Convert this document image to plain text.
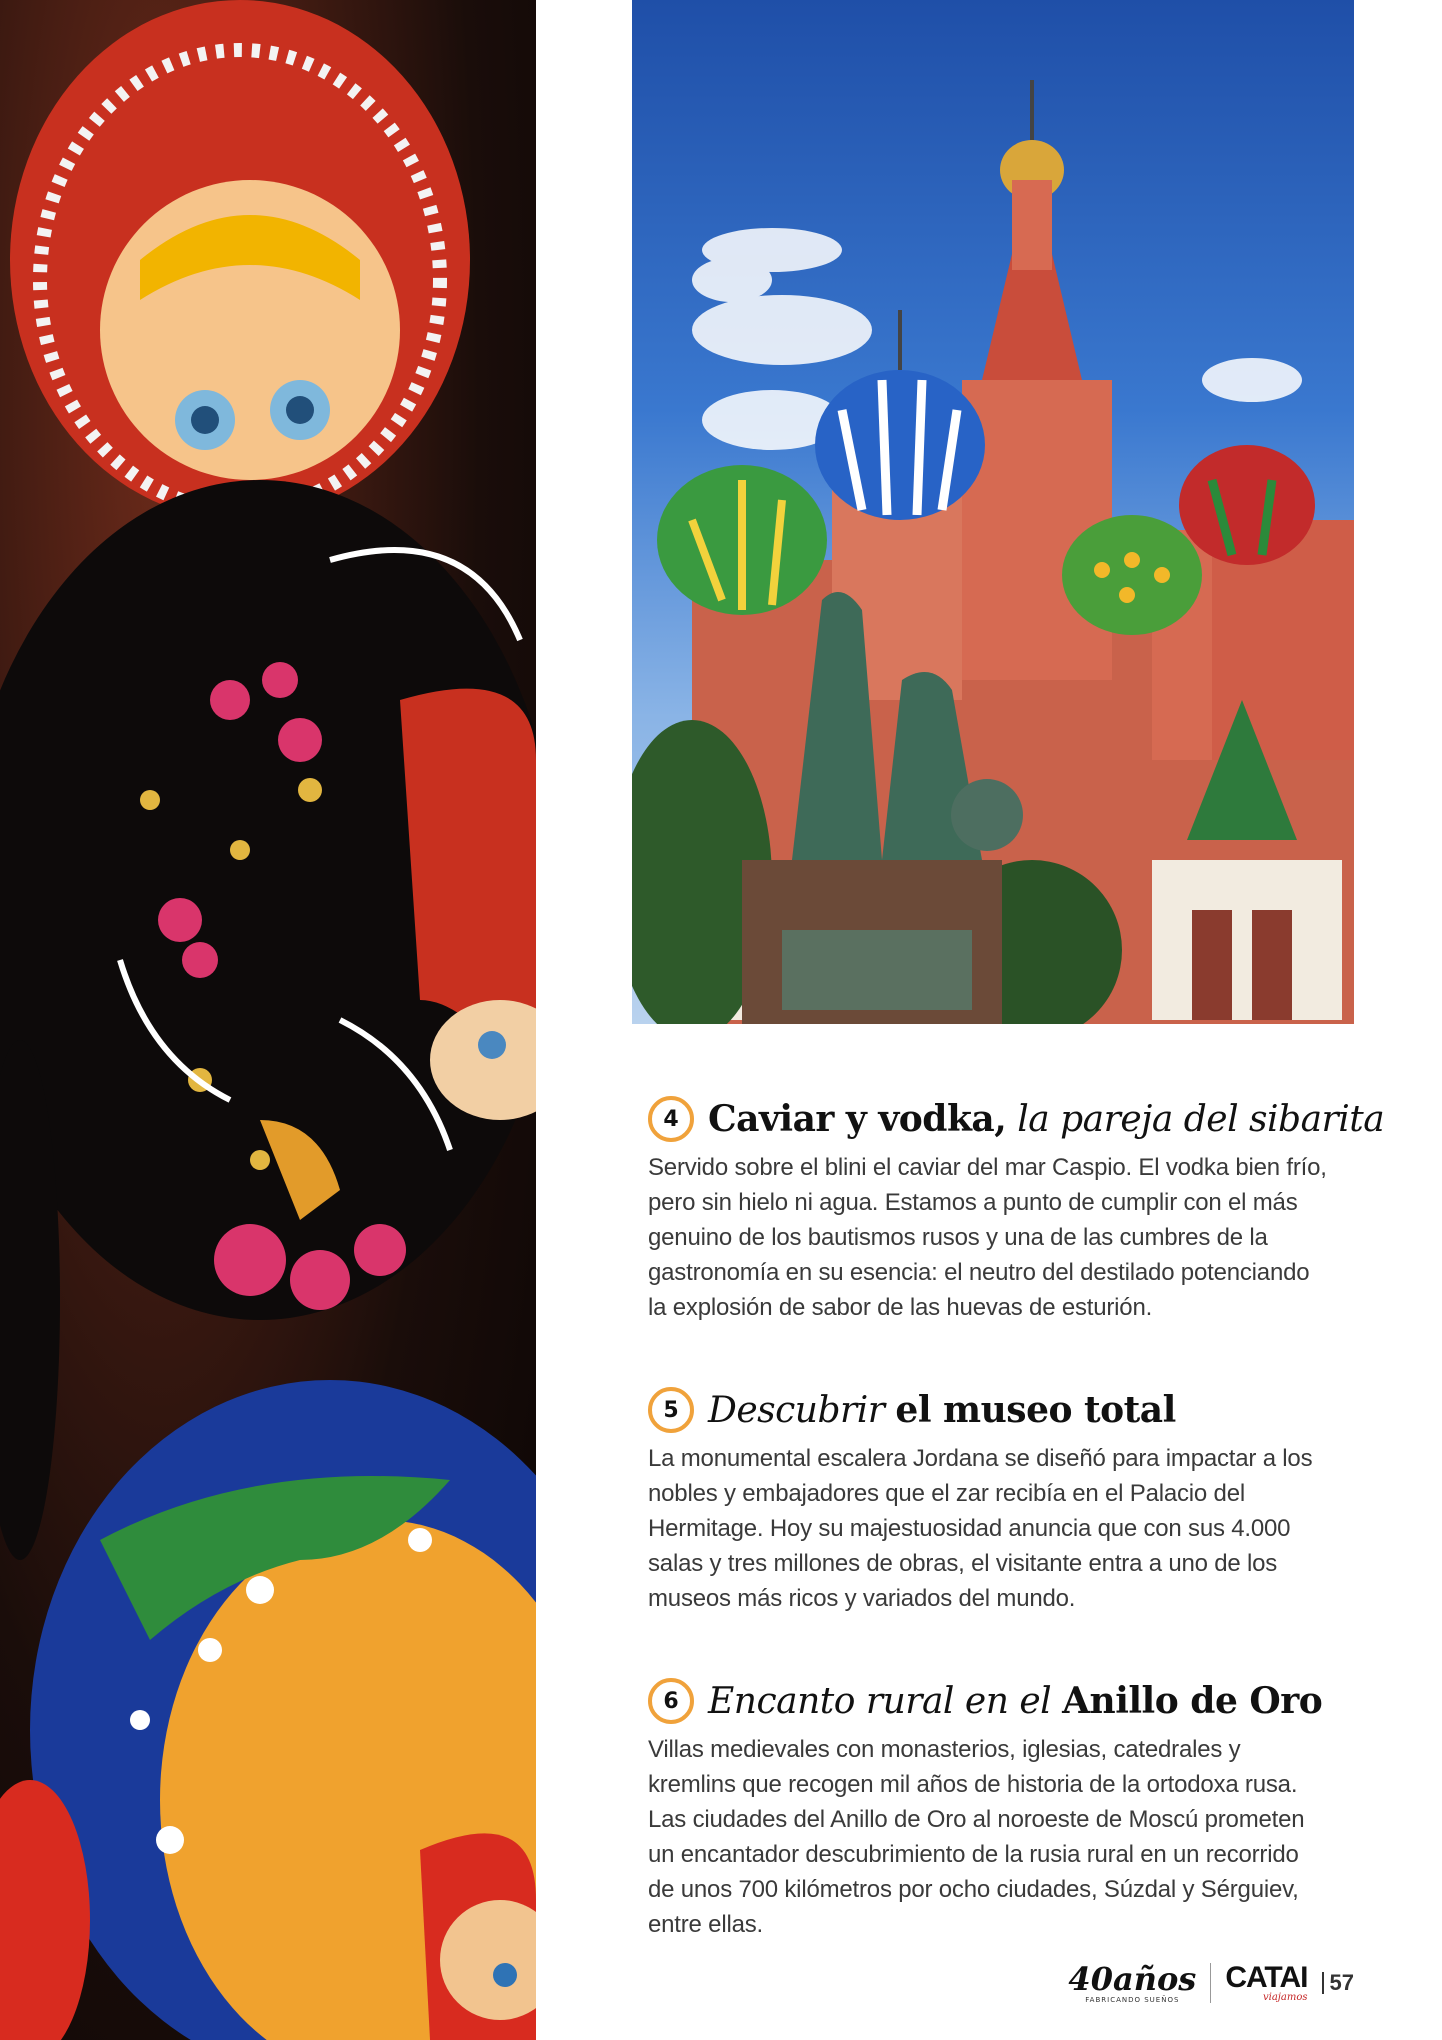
4 Caviar y vodka, la pareja del sibarita

Servido sobre el blini el caviar del mar Caspio. El vodka bien frío, pero sin hielo ni agua. Estamos a punto de cumplir con el más genuino de los bautismos rusos y una de las cumbres de la gastronomía en su esencia: el neutro del destilado potenciando la explosión de sabor de las huevas de esturión.

5 Descubrir el museo total

La monumental escalera Jordana se diseñó para impactar a los nobles y embajadores que el zar recibía en el Palacio del Hermitage. Hoy su majestuosidad anuncia que con sus 4.000 salas y tres millones de obras, el visitante entra a uno de los museos más ricos y variados del mundo.

6 Encanto rural en el Anillo de Oro

Villas medievales con monasterios, iglesias, catedrales y kremlins que recogen mil años de historia de la ortodoxa rusa. Las ciudades del Anillo de Oro al noroeste de Moscú prometen un encantador descubrimiento de la rusia rural en un recorrido de unos 700 kilómetros por ocho ciudades, Súzdal y Sérguiev, entre ellas.

40años
FABRICANDO SUEÑOS
CATAI
viajamos
57
